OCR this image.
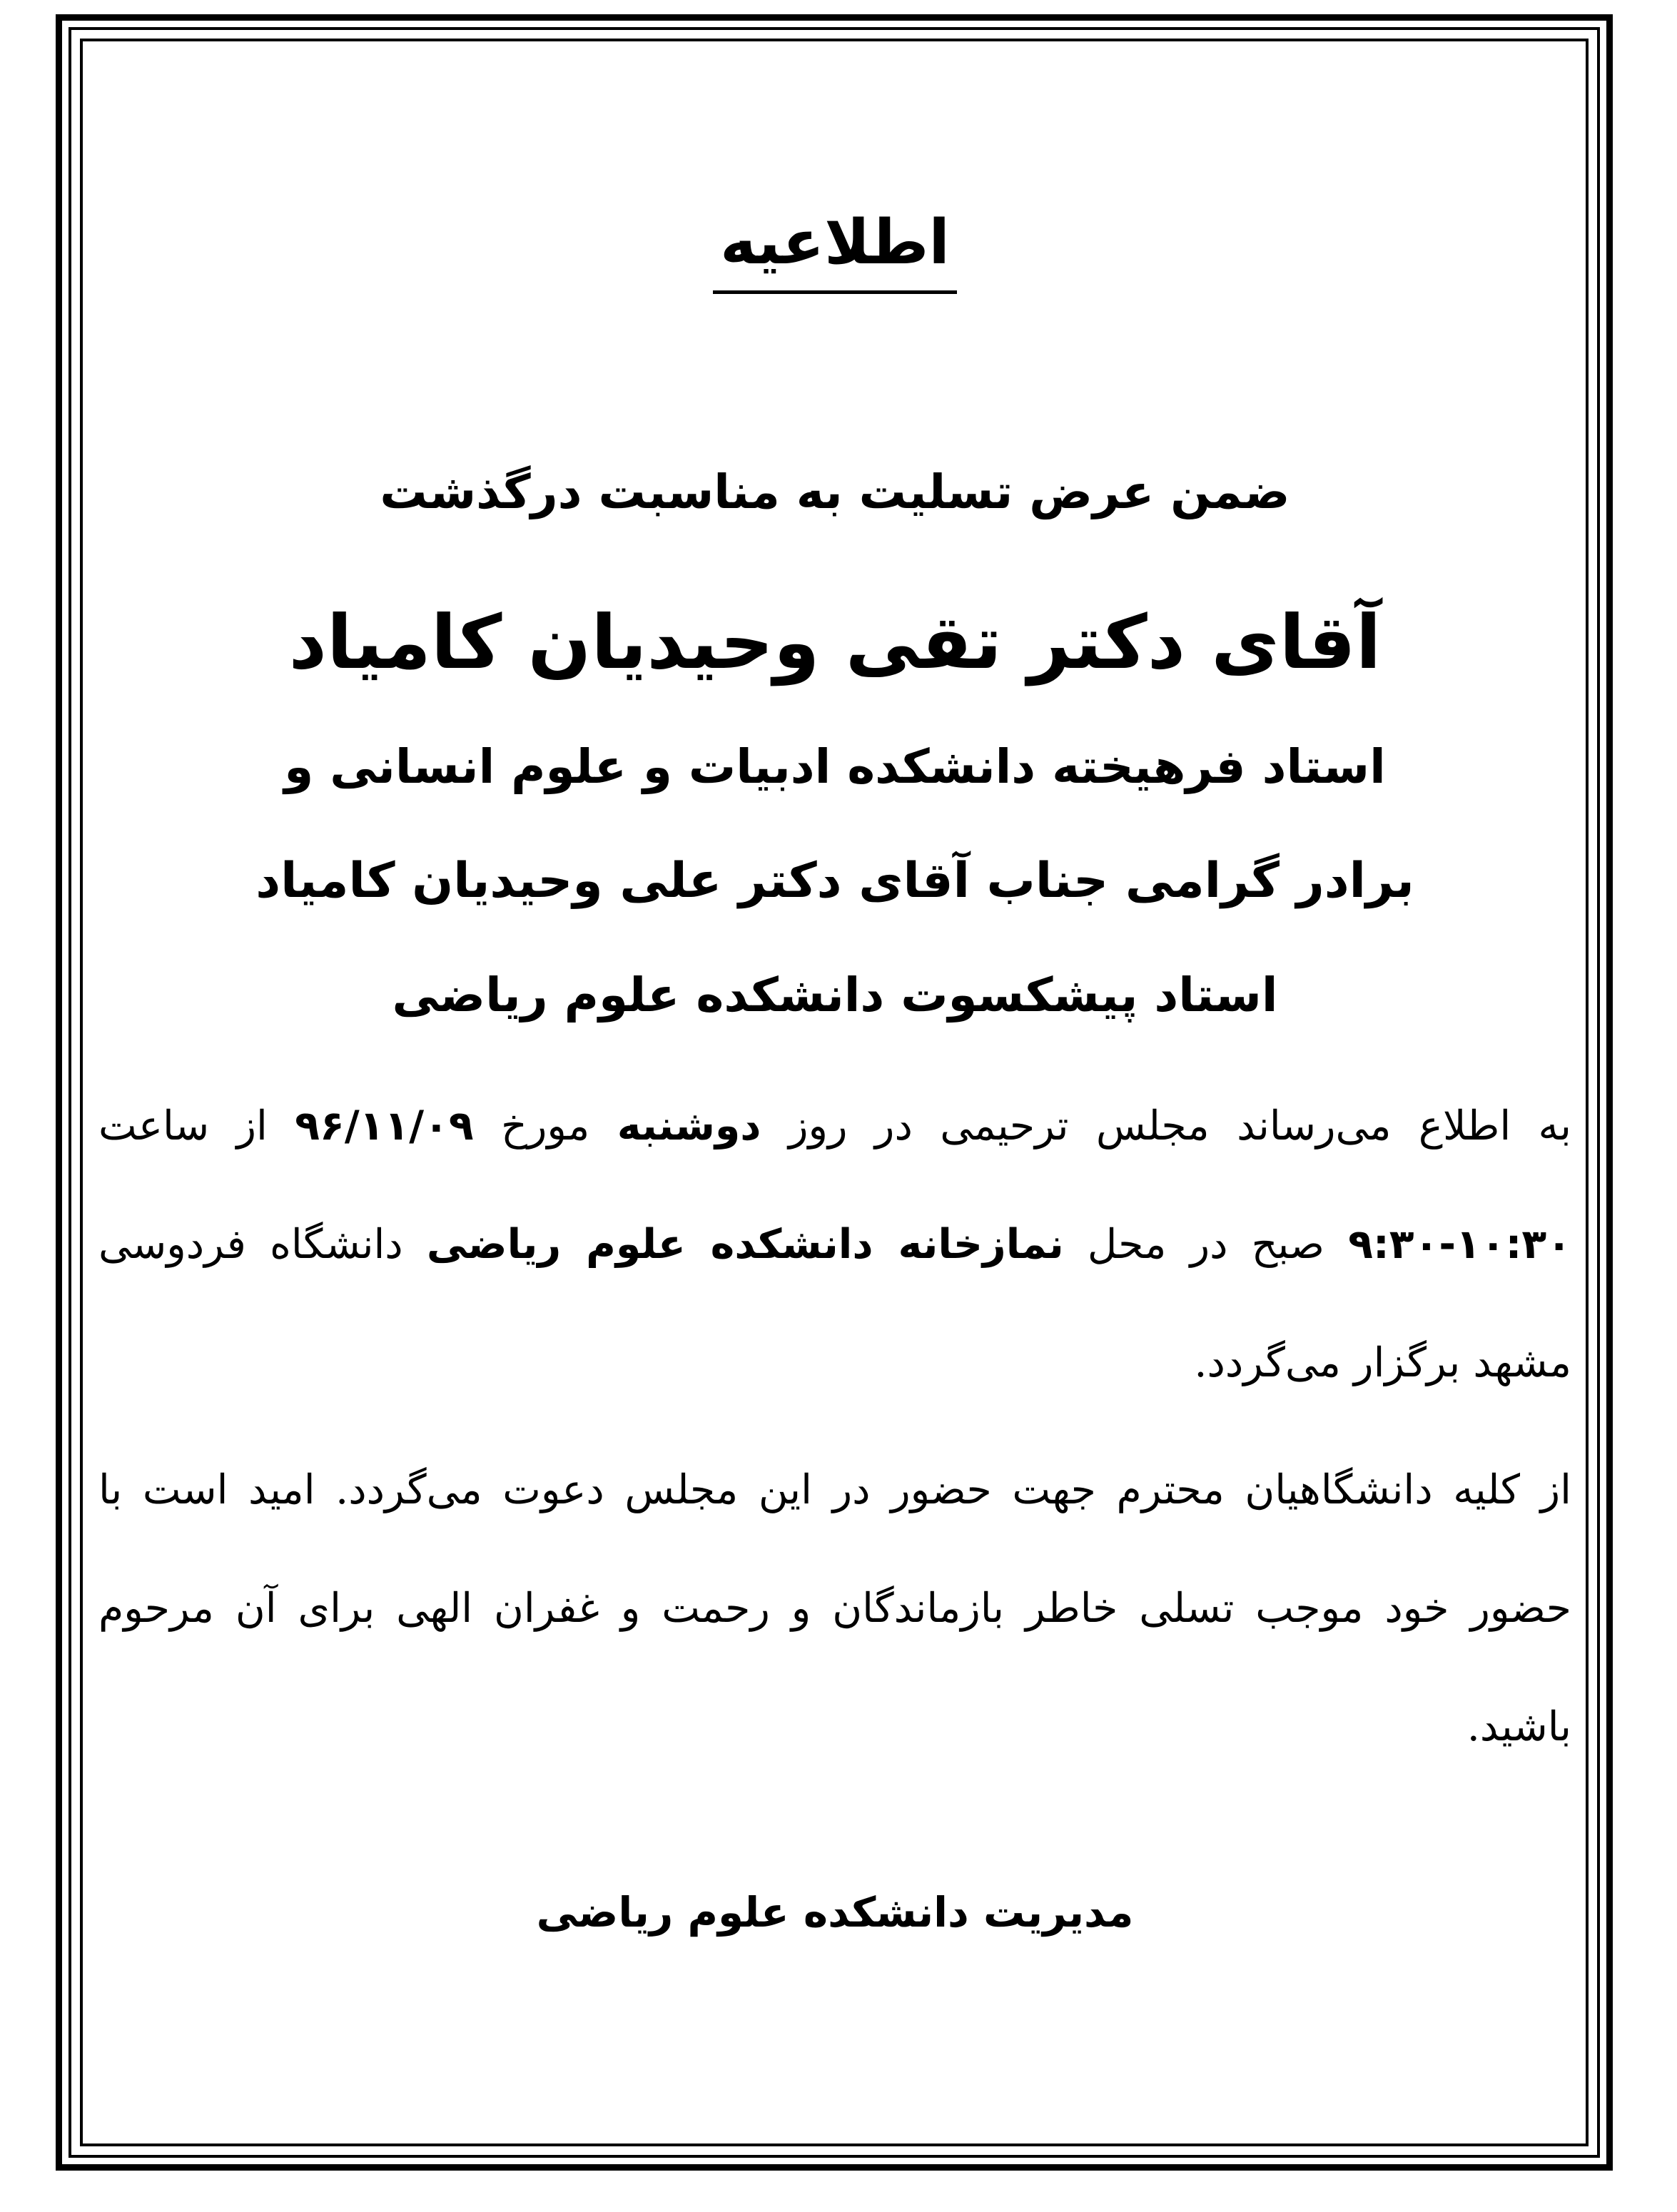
اطلاعیه
ضمن عرض تسلیت به مناسبت درگذشت
آقای دکتر تقی وحیدیان کامیاد
استاد فرهیخته دانشکده ادبیات و علوم انسانی و
برادر گرامی جناب آقای دکتر علی وحیدیان کامیاد
استاد پیشکسوت دانشکده علوم ریاضی
به اطلاع می‌رساند مجلس ترحیمی در روز دوشنبه مورخ ۹۶/۱۱/۰۹ از ساعت ۱۰:۳۰-۹:۳۰ صبح در محل نمازخانه دانشکده علوم ریاضی دانشگاه فردوسی مشهد برگزار می‌گردد.
از کلیه دانشگاهیان محترم جهت حضور در این مجلس دعوت می‌گردد. امید است با حضور خود موجب تسلی خاطر بازماندگان و رحمت و غفران الهی برای آن مرحوم باشید.
مدیریت دانشکده علوم ریاضی
